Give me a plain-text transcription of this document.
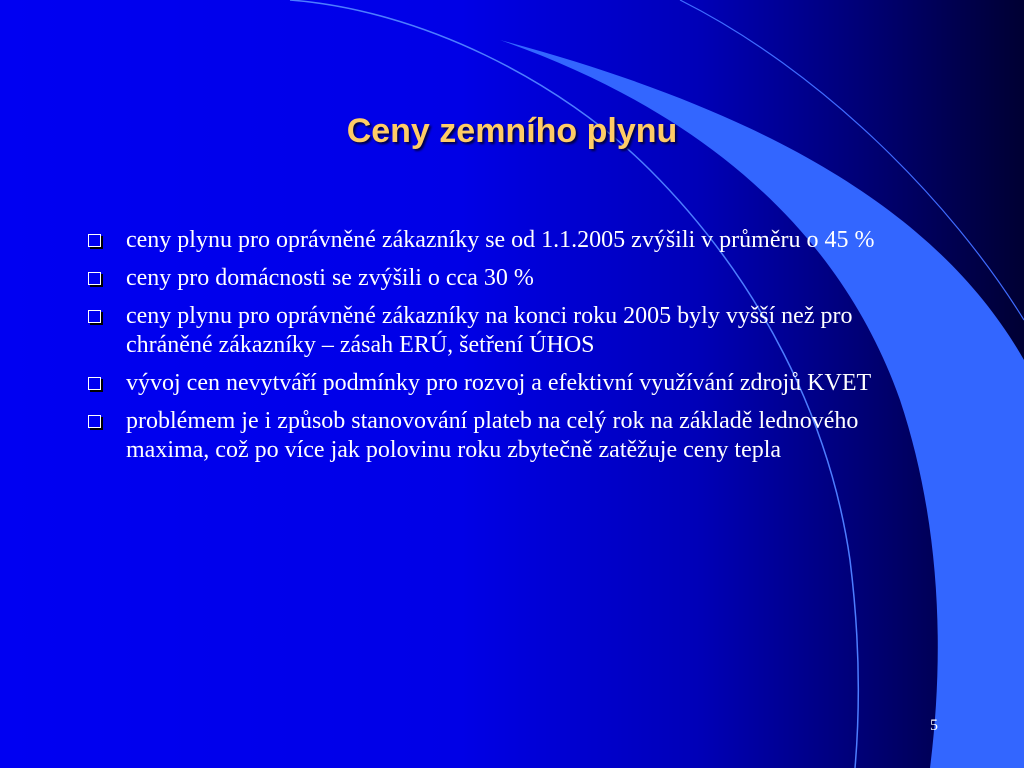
Ceny zemního plynu
ceny plynu pro oprávněné zákazníky se od 1.1.2005 zvýšili v průměru o 45 %
ceny pro domácnosti se zvýšili o cca 30 %
ceny plynu pro oprávněné zákazníky na konci roku 2005 byly vyšší než pro chráněné zákazníky – zásah ERÚ, šetření ÚHOS
vývoj cen nevytváří podmínky pro rozvoj a efektivní využívání zdrojů KVET
problémem je i způsob stanovování plateb na celý rok na základě lednového maxima, což po více jak polovinu roku zbytečně zatěžuje ceny tepla
5
